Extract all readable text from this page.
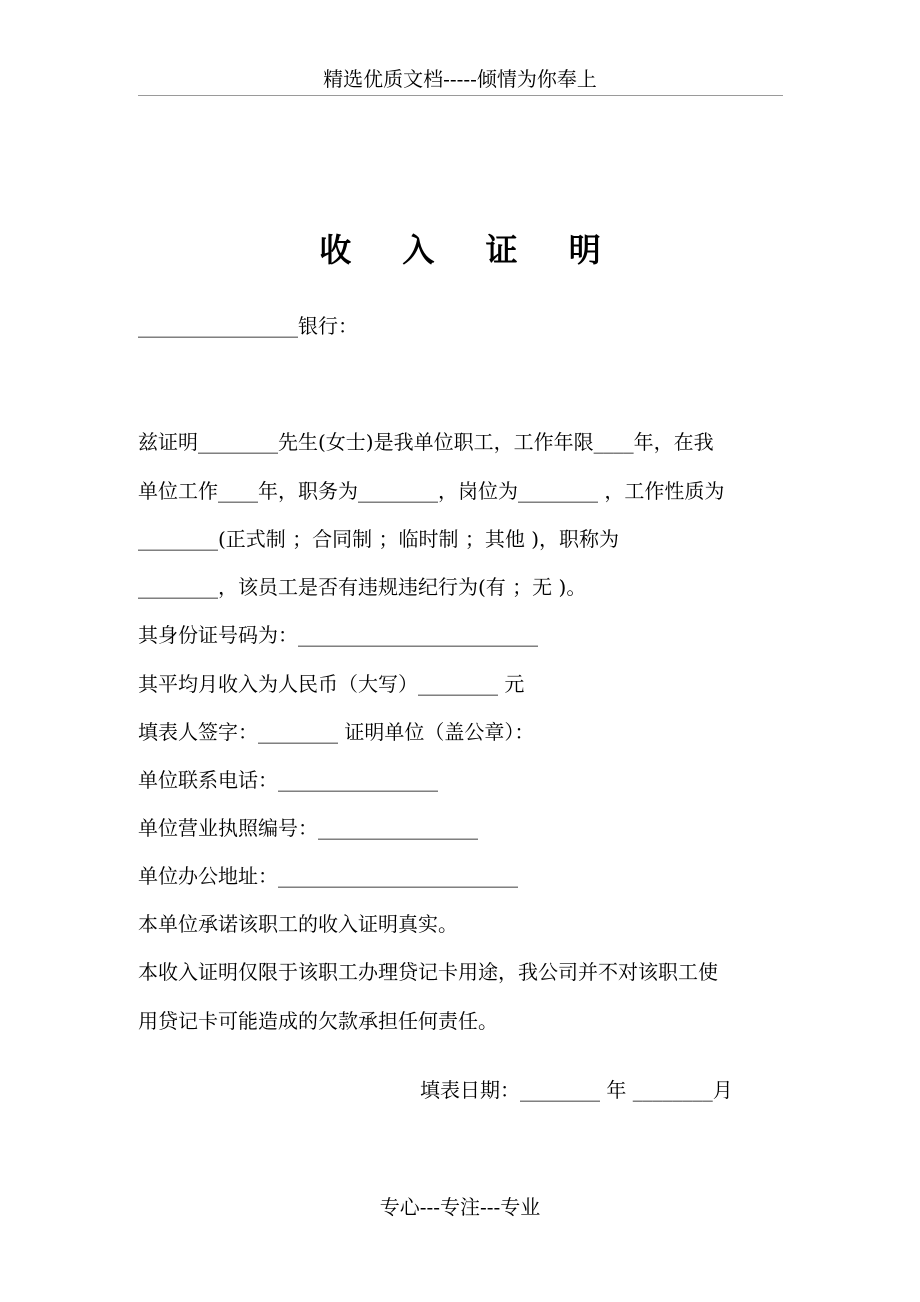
精选优质文档-----倾情为你奉上
收 入 证 明
________________银行：
兹证明________先生(女士)是我单位职工，工作年限____年，在我
单位工作____年，职务为________，岗位为________ ，工作性质为
________(正式制 ；合同制 ；临时制 ；其他 )，职称为
________，该员工是否有违规违纪行为(有 ；无 )。
其身份证号码为：________________________
其平均月收入为人民币（大写）________ 元
填表人签字：________ 证明单位（盖公章）：
单位联系电话：________________
单位营业执照编号：________________
单位办公地址：________________________
本单位承诺该职工的收入证明真实。
本收入证明仅限于该职工办理贷记卡用途，我公司并不对该职工使
用贷记卡可能造成的欠款承担任何责任。
填表日期：________ 年 ________月
专心---专注---专业
